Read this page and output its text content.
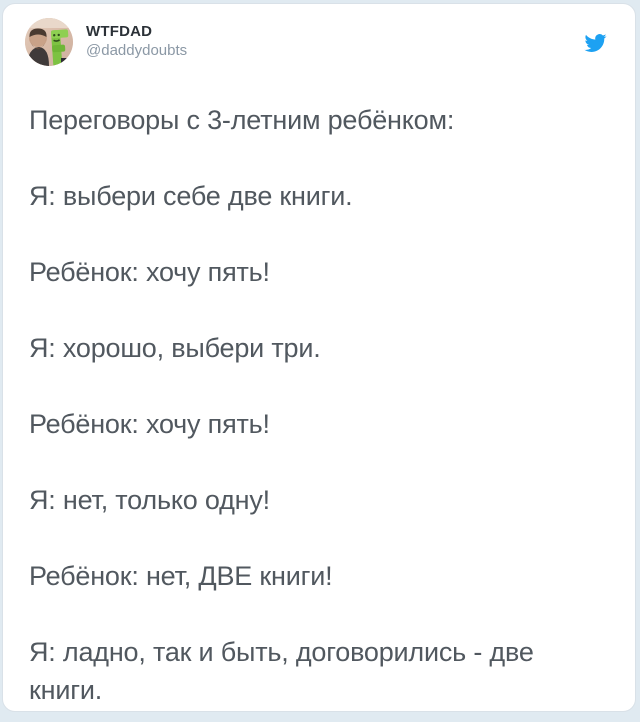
WTFDAD
@daddydoubts

Переговоры с 3-летним ребёнком:

Я: выбери себе две книги.

Ребёнок: хочу пять!

Я: хорошо, выбери три.

Ребёнок: хочу пять!

Я: нет, только одну!

Ребёнок: нет, ДВЕ книги!

Я: ладно, так и быть, договорились - две книги.
